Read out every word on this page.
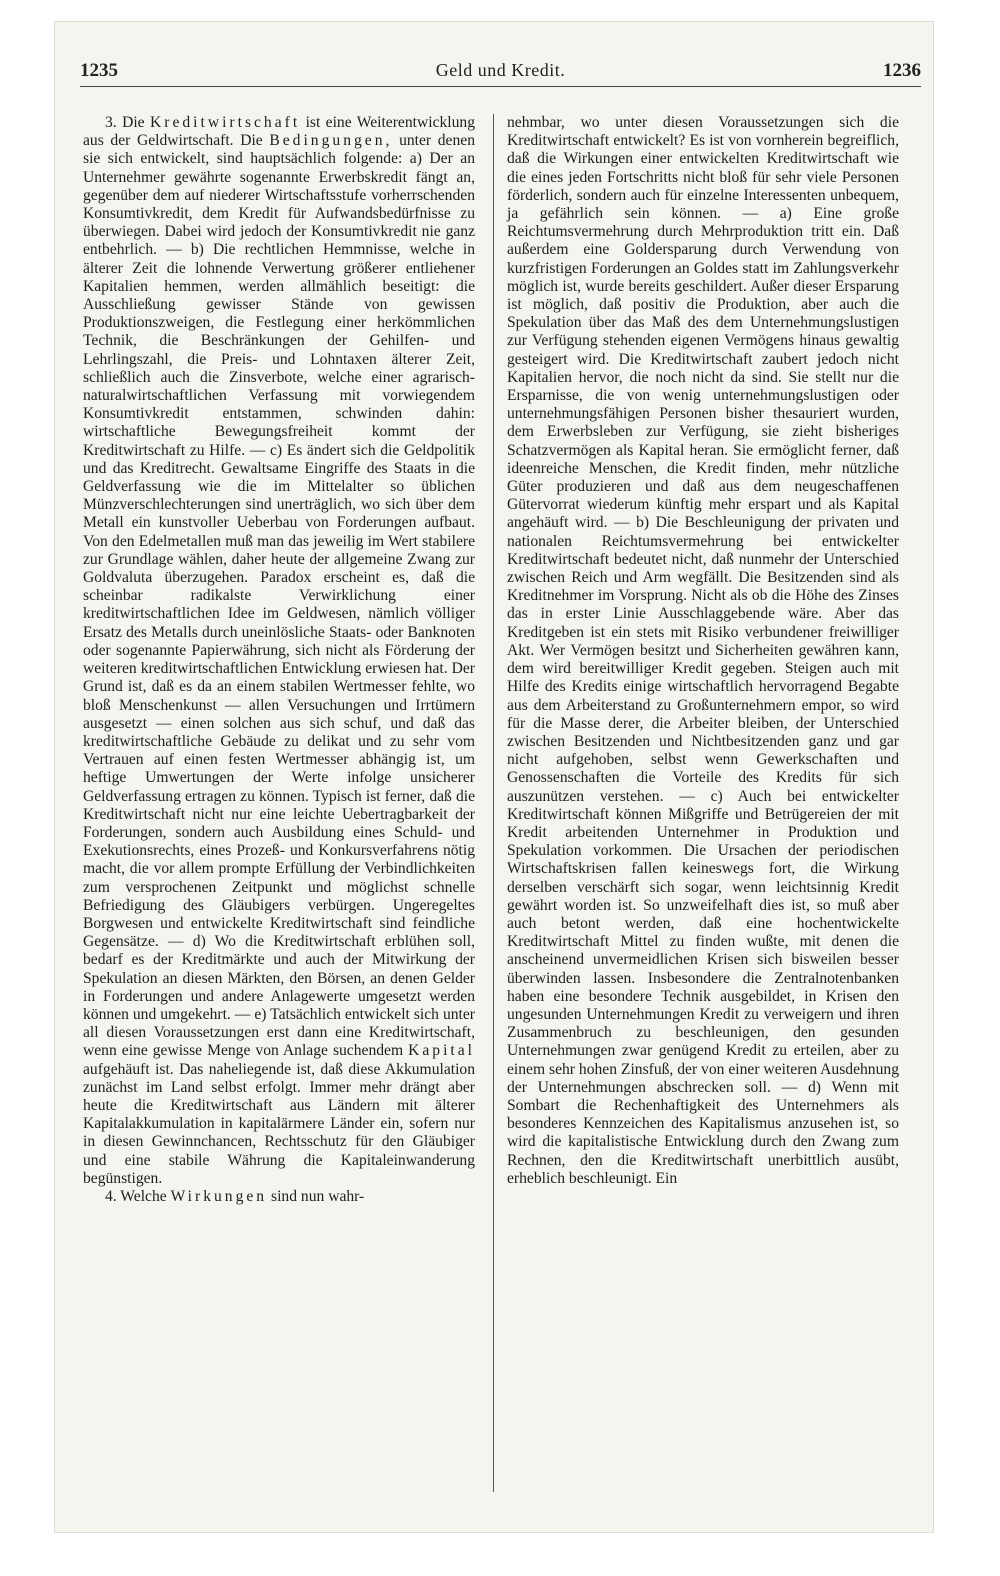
1235	Geld und Kredit.	1236

3. Die Kreditwirtschaft ist eine Weiterentwicklung aus der Geldwirtschaft. Die Bedingungen, unter denen sie sich entwickelt, sind hauptsächlich folgende: a) Der an Unternehmer gewährte sogenannte Erwerbskredit fängt an, gegenüber dem auf niederer Wirtschaftsstufe vorherrschenden Konsumtivkredit, dem Kredit für Aufwandsbedürfnisse zu überwiegen. Dabei wird jedoch der Konsumtivkredit nie ganz entbehrlich. — b) Die rechtlichen Hemmnisse, welche in älterer Zeit die lohnende Verwertung größerer entliehener Kapitalien hemmen, werden allmählich beseitigt: die Ausschließung gewisser Stände von gewissen Produktionszweigen, die Festlegung einer herkömmlichen Technik, die Beschränkungen der Gehilfen- und Lehrlingszahl, die Preis- und Lohntaxen älterer Zeit, schließlich auch die Zinsverbote, welche einer agrarisch-naturalwirtschaftlichen Verfassung mit vorwiegendem Konsumtivkredit entstammen, schwinden dahin: wirtschaftliche Bewegungsfreiheit kommt der Kreditwirtschaft zu Hilfe. — c) Es ändert sich die Geldpolitik und das Kreditrecht. Gewaltsame Eingriffe des Staats in die Geldverfassung wie die im Mittelalter so üblichen Münzverschlechterungen sind unerträglich, wo sich über dem Metall ein kunstvoller Ueberbau von Forderungen aufbaut. Von den Edelmetallen muß man das jeweilig im Wert stabilere zur Grundlage wählen, daher heute der allgemeine Zwang zur Goldvaluta überzugehen. Paradox erscheint es, daß die scheinbar radikalste Verwirklichung einer kreditwirtschaftlichen Idee im Geldwesen, nämlich völliger Ersatz des Metalls durch uneinlösliche Staats- oder Banknoten oder sogenannte Papierwährung, sich nicht als Förderung der weiteren kreditwirtschaftlichen Entwicklung erwiesen hat. Der Grund ist, daß es da an einem stabilen Wertmesser fehlte, wo bloß Menschenkunst — allen Versuchungen und Irrtümern ausgesetzt — einen solchen aus sich schuf, und daß das kreditwirtschaftliche Gebäude zu delikat und zu sehr vom Vertrauen auf einen festen Wertmesser abhängig ist, um heftige Umwertungen der Werte infolge unsicherer Geldverfassung ertragen zu können. Typisch ist ferner, daß die Kreditwirtschaft nicht nur eine leichte Uebertragbarkeit der Forderungen, sondern auch Ausbildung eines Schuld- und Exekutionsrechts, eines Prozeß- und Konkursverfahrens nötig macht, die vor allem prompte Erfüllung der Verbindlichkeiten zum versprochenen Zeitpunkt und möglichst schnelle Befriedigung des Gläubigers verbürgen. Ungeregeltes Borgwesen und entwickelte Kreditwirtschaft sind feindliche Gegensätze. — d) Wo die Kreditwirtschaft erblühen soll, bedarf es der Kreditmärkte und auch der Mitwirkung der Spekulation an diesen Märkten, den Börsen, an denen Gelder in Forderungen und andere Anlagewerte umgesetzt werden können und umgekehrt. — e) Tatsächlich entwickelt sich unter all diesen Voraussetzungen erst dann eine Kreditwirtschaft, wenn eine gewisse Menge von Anlage suchendem Kapital aufgehäuft ist. Das naheliegende ist, daß diese Akkumulation zunächst im Land selbst erfolgt. Immer mehr drängt aber heute die Kreditwirtschaft aus Ländern mit älterer Kapitalakkumulation in kapitalärmere Länder ein, sofern nur in diesen Gewinnchancen, Rechtsschutz für den Gläubiger und eine stabile Währung die Kapitaleinwanderung begünstigen.

4. Welche Wirkungen sind nun wahr-

nehmbar, wo unter diesen Voraussetzungen sich die Kreditwirtschaft entwickelt? Es ist von vornherein begreiflich, daß die Wirkungen einer entwickelten Kreditwirtschaft wie die eines jeden Fortschritts nicht bloß für sehr viele Personen förderlich, sondern auch für einzelne Interessenten unbequem, ja gefährlich sein können. — a) Eine große Reichtumsvermehrung durch Mehrproduktion tritt ein. Daß außerdem eine Goldersparung durch Verwendung von kurzfristigen Forderungen an Goldes statt im Zahlungsverkehr möglich ist, wurde bereits geschildert. Außer dieser Ersparung ist möglich, daß positiv die Produktion, aber auch die Spekulation über das Maß des dem Unternehmungslustigen zur Verfügung stehenden eigenen Vermögens hinaus gewaltig gesteigert wird. Die Kreditwirtschaft zaubert jedoch nicht Kapitalien hervor, die noch nicht da sind. Sie stellt nur die Ersparnisse, die von wenig unternehmungslustigen oder unternehmungsfähigen Personen bisher thesauriert wurden, dem Erwerbsleben zur Verfügung, sie zieht bisheriges Schatzvermögen als Kapital heran. Sie ermöglicht ferner, daß ideenreiche Menschen, die Kredit finden, mehr nützliche Güter produzieren und daß aus dem neugeschaffenen Gütervorrat wiederum künftig mehr erspart und als Kapital angehäuft wird. — b) Die Beschleunigung der privaten und nationalen Reichtumsvermehrung bei entwickelter Kreditwirtschaft bedeutet nicht, daß nunmehr der Unterschied zwischen Reich und Arm wegfällt. Die Besitzenden sind als Kreditnehmer im Vorsprung. Nicht als ob die Höhe des Zinses das in erster Linie Ausschlaggebende wäre. Aber das Kreditgeben ist ein stets mit Risiko verbundener freiwilliger Akt. Wer Vermögen besitzt und Sicherheiten gewähren kann, dem wird bereitwilliger Kredit gegeben. Steigen auch mit Hilfe des Kredits einige wirtschaftlich hervorragend Begabte aus dem Arbeiterstand zu Großunternehmern empor, so wird für die Masse derer, die Arbeiter bleiben, der Unterschied zwischen Besitzenden und Nichtbesitzenden ganz und gar nicht aufgehoben, selbst wenn Gewerkschaften und Genossenschaften die Vorteile des Kredits für sich auszunützen verstehen. — c) Auch bei entwickelter Kreditwirtschaft können Mißgriffe und Betrügereien der mit Kredit arbeitenden Unternehmer in Produktion und Spekulation vorkommen. Die Ursachen der periodischen Wirtschaftskrisen fallen keineswegs fort, die Wirkung derselben verschärft sich sogar, wenn leichtsinnig Kredit gewährt worden ist. So unzweifelhaft dies ist, so muß aber auch betont werden, daß eine hochentwickelte Kreditwirtschaft Mittel zu finden wußte, mit denen die anscheinend unvermeidlichen Krisen sich bisweilen besser überwinden lassen. Insbesondere die Zentralnotenbanken haben eine besondere Technik ausgebildet, in Krisen den ungesunden Unternehmungen Kredit zu verweigern und ihren Zusammenbruch zu beschleunigen, den gesunden Unternehmungen zwar genügend Kredit zu erteilen, aber zu einem sehr hohen Zinsfuß, der von einer weiteren Ausdehnung der Unternehmungen abschrecken soll. — d) Wenn mit Sombart die Rechenhaftigkeit des Unternehmers als besonderes Kennzeichen des Kapitalismus anzusehen ist, so wird die kapitalistische Entwicklung durch den Zwang zum Rechnen, den die Kreditwirtschaft unerbittlich ausübt, erheblich beschleunigt. Ein
